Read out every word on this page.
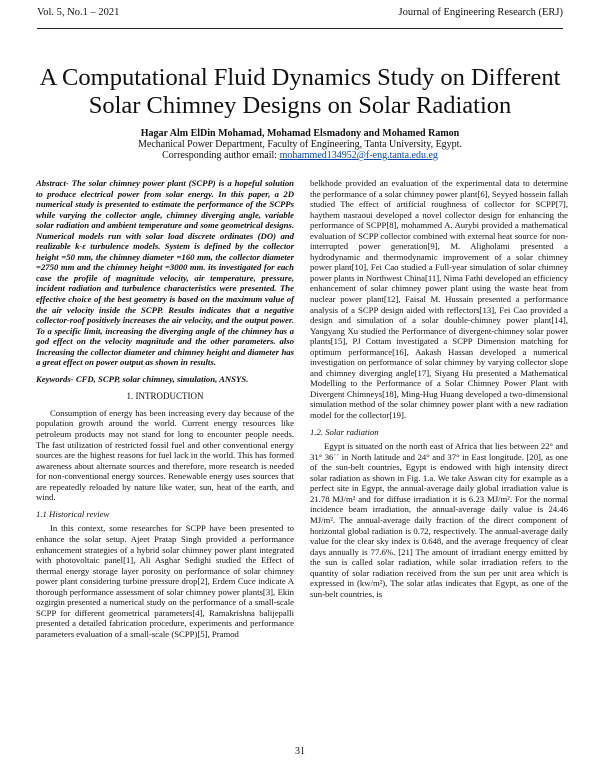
Vol. 5, No.1 – 2021	Journal of Engineering Research (ERJ)
A Computational Fluid Dynamics Study on Different Solar Chimney Designs on Solar Radiation
Hagar Alm ElDin Mohamad, Mohamad Elsmadony and Mohamed Ramon
Mechanical Power Department, Faculty of Engineering, Tanta University, Egypt.
Corresponding author email: mohammed134952@f-eng.tanta.edu.eg

Abstract- The solar chimney power plant (SCPP) is a hopeful solution to produce electrical power from solar energy. In this paper, a 2D numerical study is presented to estimate the performance of the SCPPs while varying the collector angle, chimney diverging angle, variable solar radiation and ambient temperature and some geometrical designs. Numerical models run with solar load discrete ordinates (DO) and realizable k-ε turbulence models. System is defined by the collector height =50 mm, the chimney diameter =160 mm, the collector diameter =2750 mm and the chimney height =3000 mm. its investigated for each case the profile of magnitude velocity, air temperature, pressure, incident radiation and turbulence characteristics were presented. The effective choice of the best geometry is based on the maximum value of the air velocity inside the SCPP. Results indicates that a negative collector-roof positively increases the air velocity, and the output power. To a specific limit, increasing the diverging angle of the chimney has a god effect on the velocity magnitude and the other parameters. also Increasing the collector diameter and chimney height and diameter has a great effect on power output as shown in results.

Keywords- CFD, SCPP, solar chimney, simulation, ANSYS.

1. INTRODUCTION

Consumption of energy has been increasing every day because of the population growth around the world. Current energy resources like petroleum products may not stand for long to encounter people needs. The fast utilization of restricted fossil fuel and other conventional energy sources are the highest reasons for fuel lack in the world. This has formed awareness about alternate sources and therefore, more research is needed for non-conventional energy sources. Renewable energy uses sources that are repeatedly reloaded by nature like water, sun, heat of the earth, and wind.

1.1 Historical review

In this context, some researches for SCPP have been presented to enhance the solar setup. Ajeet Pratap Singh provided a performance enhancement strategies of a hybrid solar chimney power plant integrated with photovoltaic panel[1], Ali Asghar Sedighi studied the Effect of thermal energy storage layer porosity on performance of solar chimney power plant considering turbine pressure drop[2], Erdem Cuce indicate A thorough performance assessment of solar chimney power plants[3], Ekin ozgirgin presented a numerical study on the performance of a small-scale SCPP for different geometrical parameters[4], Ramakrishna balijepalli presented a detailed fabrication procedure, experiments and performance parameters evaluation of a small-scale (SCPP)[5], Pramod

belkhode provided an evaluation of the experimental data to determine the performance of a solar chimney power plant[6], Seyyed hossein fallah studied The effect of artificial roughness of collector for SCPP[7], haythem nasraoui developed a novel collector design for enhancing the performance of SCPP[8], mohammed A. Aurybi provided a mathematical evaluation of SCPP collector combined with external heat source for non-interrupted power generation[9], M. Aligholami presented a hydrodynamic and thermodynamic improvement of a solar chimney power plant[10], Fei Cao studied a Full-year simulation of solar chimney power plants in Northwest China[11], Nima Fathi developed an efficiency enhancement of solar chimney power plant using the waste heat from nuclear power plant[12], Faisal M. Hussain presented a performance analysis of a SCPP design aided with reflectors[13], Fei Cao provided a design and simulation of a solar double-chimney power plant[14], Yangyang Xu studied the Performance of divergent-chimney solar power plants[15], PJ Cottam investigated a SCPP Dimension matching for optimum performance[16], Aakash Hassan developed a numerical investigation on performance of solar chimney by varying collector slope and chimney diverging angle[17], Siyang Hu presented a Mathematical Modelling to the Performance of a Solar Chimney Power Plant with Divergent Chimneys[18], Ming-Hug Huang developed a two-dimensional simulation method of the solar chimney power plant with a new radiation model for the collector[19].

1.2. Solar radiation

Egypt is situated on the north east of Africa that lies between 22° and 31° 36´´ in North latitude and 24° and 37° in East longitude. [20], as one of the sun-belt countries, Egypt is endowed with high intensity direct solar radiation as shown in Fig. 1.a. We take Aswan city for example as a perfect site in Egypt, the annual-average daily global irradiation value is 21.78 MJ/m² and for diffuse irradiation it is 6.23 MJ/m². For the normal incidence beam irradiation, the annual-average daily value is 24.46 MJ/m². The annual-average daily fraction of the direct component of horizontal global radiation is 0.72, respectively. The annual-average daily value for the clear sky index is 0.648, and the average frequency of clear days annually is 77.6%. [21] The amount of irradiant energy emitted by the sun is called solar radiation, while solar irradiation refers to the quantity of solar radiation received from the sun per unit area which is expressed in (kw/m²), The solar atlas indicates that Egypt, as one of the sun-belt countries, is

31
